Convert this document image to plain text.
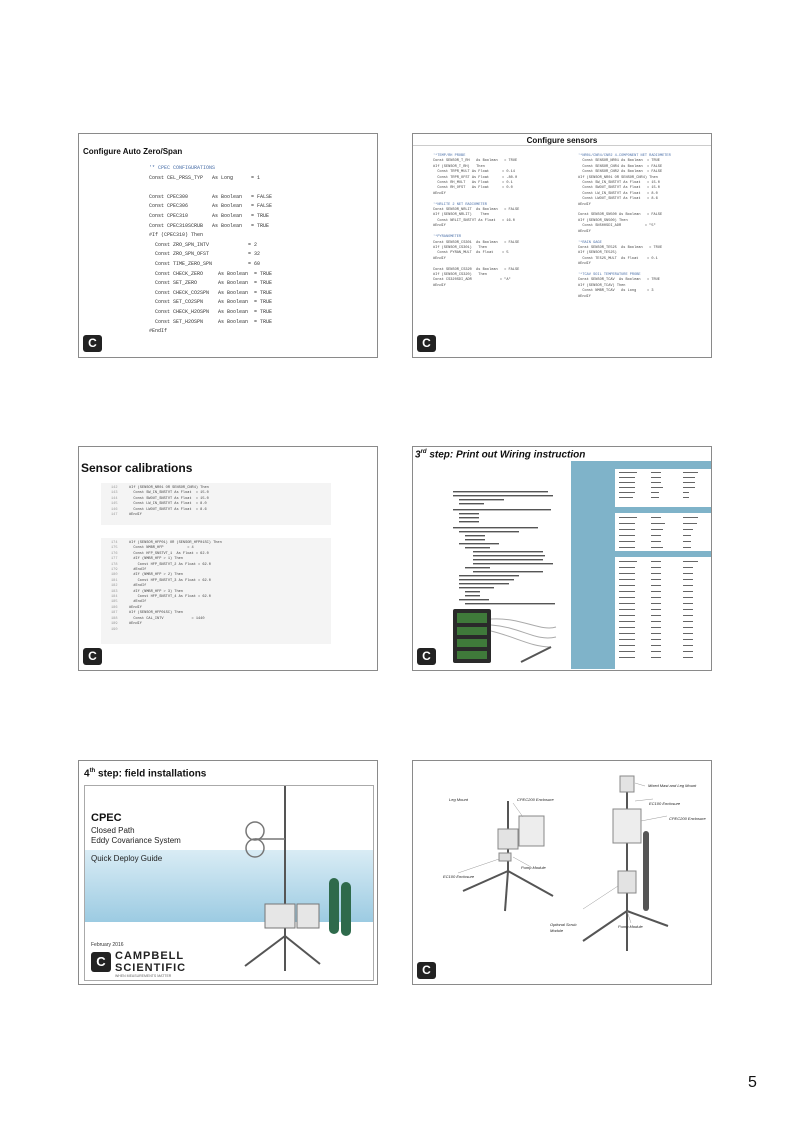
Configure Auto Zero/Span
'* CPEC CONFIGURATIONS
Const CEL_PRSS_TYP   As Long      = 1

Const CPEC300        As Boolean   = FALSE
Const CPEC306        As Boolean   = FALSE
Const CPEC310        As Boolean   = TRUE
Const CPEC310SCRUB   As Boolean   = TRUE
#If (CPEC310) Then
Const ZRO_SPN_INTV             = 2
Const ZRO_SPN_OFST             = 32
Const TIME_ZERO_SPN            = 60
Const CHECK_ZERO     As Boolean  = TRUE
Const SET_ZERO       As Boolean  = TRUE
Const CHECK_CO2SPN   As Boolean  = TRUE
Const SET_CO2SPN     As Boolean  = TRUE
Const CHECK_H2OSPN   As Boolean  = TRUE
Const SET_H2OSPN     As Boolean  = TRUE
#EndIf
C
Configure sensors
'*TEMP/RH PROBE
Const SENSOR_T_RH   As Boolean   = TRUE
#If (SENSOR_T_RH)   Then
Const TRPR_MULT As Float      = 0.14
Const TRPR_OFST As Float      = -80.0
Const RH_MULT   As Float      = 0.1
Const RH_OFST   As Float      = 0.0
#EndIf

'*NRLITE 2 NET RADIOMETER
Const SENSOR_NRLIT  As Boolean   = FALSE
#If (SENSOR_NRLIT)    Then
Const NRLIT_SNSTVT As Float   = 16.0
#EndIf

'*PYRANOMETER
Const SENSOR_CS301  As Boolean   = FALSE
#If (SENSOR_CS301)   Then
Const PYRAN_MULT  As Float    = 5
#EndIf

Const SENSOR_CS320  As Boolean   = FALSE
#If (SENSOR_CS320)   Then
Const CS320SDI_ADR             = "A"
#EndIf
'*NR01/CNR4/CNR2 4-COMPONENT NET RADIOMETER
Const SENSOR_NR01 As Boolean  = TRUE
Const SENSOR_CNR4 As Boolean  = FALSE
Const SENSOR_CNR2 As Boolean  = FALSE
#If (SENSOR_NR01 OR SENSOR_CNR4) Then
Const SW_IN_SNSTVT As Float   = 15.0
Const SWOUT_SNSTVT As Float   = 15.0
Const LW_IN_SNSTVT As Float   = 8.0
Const LWOUT_SNSTVT As Float   = 8.6
#EndIf

Const SENSOR_SN500 As Boolean   = FALSE
#If (SENSOR_SN500) Then
Const SN500SDI_ADR           = "5"
#EndIf

'*RAIN GAGE
Const SENSOR_TE525  As Boolean   = TRUE
#If (SENSOR_TE525)
Const TE525_MULT  As Float    = 0.1
#EndIf

'*TCAV SOIL TEMPERATURE PROBE
Const SENSOR_TCAV  As Boolean   = TRUE
#If (SENSOR_TCAV) Then
Const NMBR_TCAV   As Long     = 3
#EndIf
C
Sensor calibrations
142
143
144
145
146
147
#If (SENSOR_NR01 OR SENSOR_CNR4) Then
Const SW_IN_SNSTVT As Float  = 15.0
Const SWOUT_SNSTVT As Float  = 15.0
Const LW_IN_SNSTVT As Float  = 8.0
Const LWOUT_SNSTVT As Float  = 8.6
#EndIf
174
175
176
177
178
179
180
181
182
183
184
185
186
187
188
189
190
#If (SENSOR_HFP01) OR (SENSOR_HFP01SC) Then
Const NMBR_HFP           = 4
Const HFP_SNSTVT_1  As Float = 62.0
#If (NMBR_HFP > 1) Then
Const HFP_SNSTVT_2 As Float = 62.0
#EndIf
#If (NMBR_HFP > 2) Then
Const HFP_SNSTVT_3 As Float = 62.0
#EndIf
#If (NMBR_HFP > 3) Then
Const HFP_SNSTVT_4 As Float = 62.0
#EndIf
#EndIf
#If (SENSOR_HFP01SC) Then
Const CAL_INTV             = 1440
#EndIf

C
3rd step: Print out Wiring instruction
C
4th step: field installations
CPEC
Closed Path
Eddy Covariance System
Quick Deploy Guide
February 2016
C CAMPBELL
SCIENTIFIC
WHEN MEASUREMENTS MATTER
Leg Mount	CPEC200 Enclosure
EC100 Enclosure
Pump Module
Mixed Mast and Leg Mount
EC100 Enclosure
CPEC200 Enclosure
Optional Scrub Module
Pump Module
C
5
